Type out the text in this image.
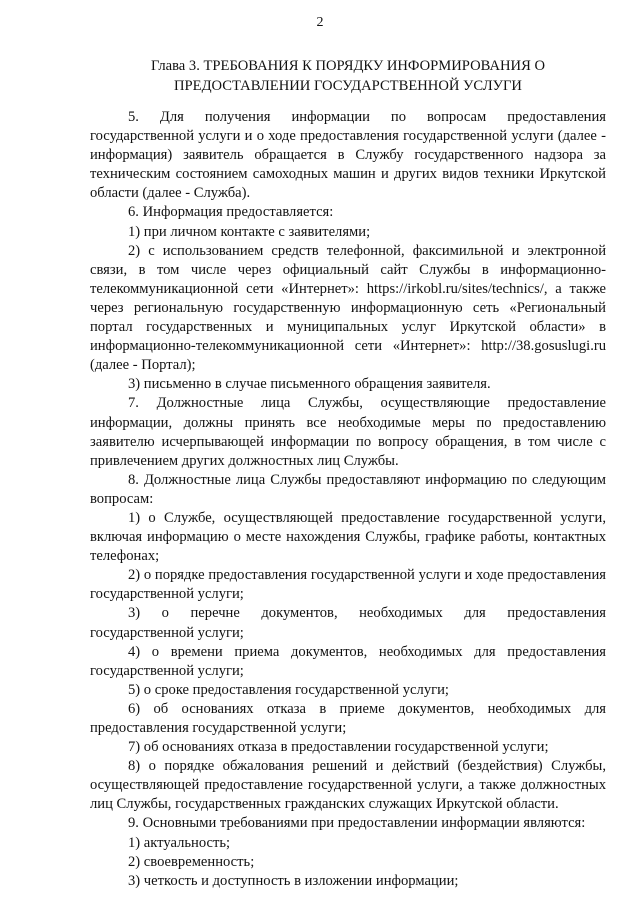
2
Глава 3. ТРЕБОВАНИЯ К ПОРЯДКУ ИНФОРМИРОВАНИЯ О
ПРЕДОСТАВЛЕНИИ ГОСУДАРСТВЕННОЙ УСЛУГИ

5. Для получения информации по вопросам предоставления государственной услуги и о ходе предоставления государственной услуги (далее - информация) заявитель обращается в Службу государственного надзора за техническим состоянием самоходных машин и других видов техники Иркутской области (далее - Служба).

6. Информация предоставляется:

1) при личном контакте с заявителями;

2) с использованием средств телефонной, факсимильной и электронной связи, в том числе через официальный сайт Службы в информационно-телекоммуникационной сети «Интернет»: https://irkobl.ru/sites/technics/, а также через региональную государственную информационную сеть «Региональный портал государственных и муниципальных услуг Иркутской области» в информационно-телекоммуникационной сети «Интернет»: http://38.gosuslugi.ru (далее - Портал);

3) письменно в случае письменного обращения заявителя.

7. Должностные лица Службы, осуществляющие предоставление информации, должны принять все необходимые меры по предоставлению заявителю исчерпывающей информации по вопросу обращения, в том числе с привлечением других должностных лиц Службы.

8. Должностные лица Службы предоставляют информацию по следующим вопросам:

1) о Службе, осуществляющей предоставление государственной услуги, включая информацию о месте нахождения Службы, графике работы, контактных телефонах;

2) о порядке предоставления государственной услуги и ходе предоставления государственной услуги;

3) о перечне документов, необходимых для предоставления государственной услуги;

4) о времени приема документов, необходимых для предоставления государственной услуги;

5) о сроке предоставления государственной услуги;

6) об основаниях отказа в приеме документов, необходимых для предоставления государственной услуги;

7) об основаниях отказа в предоставлении государственной услуги;

8) о порядке обжалования решений и действий (бездействия) Службы, осуществляющей предоставление государственной услуги, а также должностных лиц Службы, государственных гражданских служащих Иркутской области.

9. Основными требованиями при предоставлении информации являются:

1) актуальность;

2) своевременность;

3) четкость и доступность в изложении информации;
